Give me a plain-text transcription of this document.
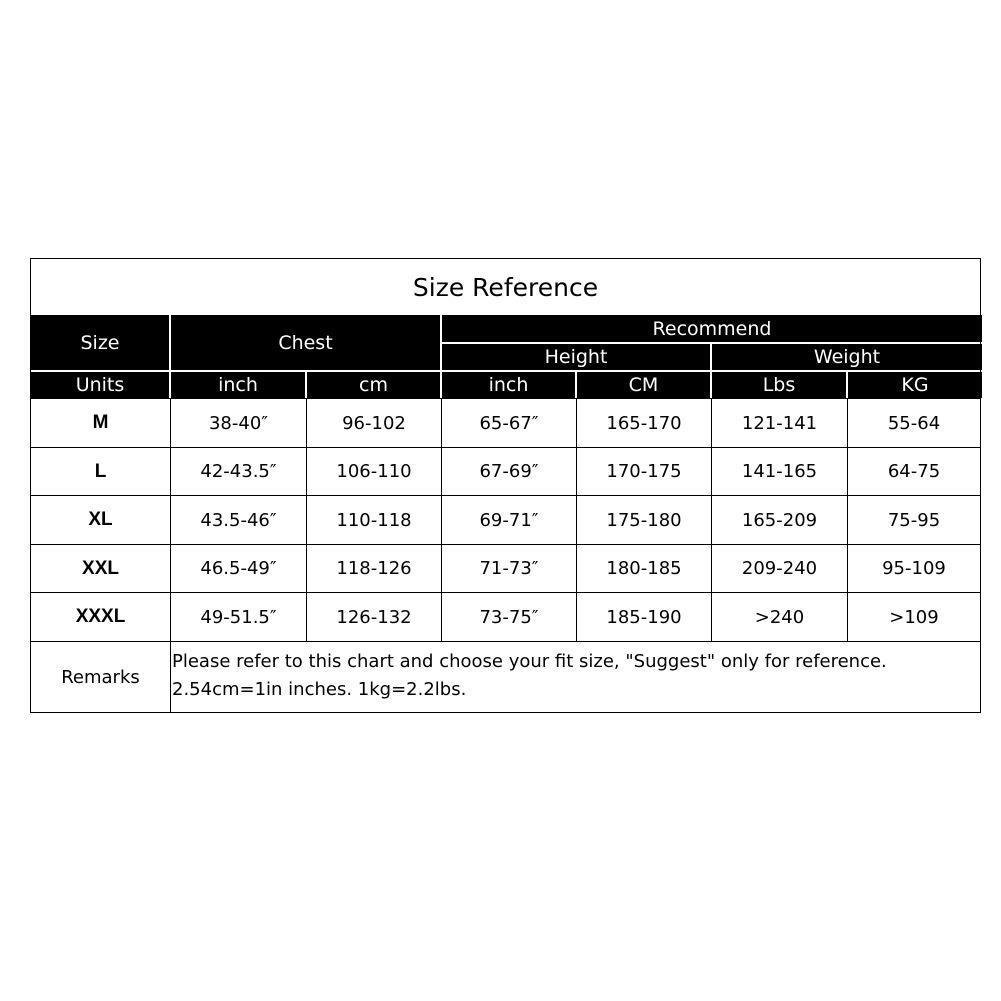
Size Reference
Size	Chest
Recommend
Height	Weight
Units	inch	cm	inch	CM	Lbs	KG
M	38-40″	96-102	65-67″	165-170	121-141	55-64
L	42-43.5″	106-110	67-69″	170-175	141-165	64-75
XL	43.5-46″	110-118	69-71″	175-180	165-209	75-95
XXL	46.5-49″	118-126	71-73″	180-185	209-240	95-109
XXXL	49-51.5″	126-132	73-75″	185-190	>240	>109
Remarks
Please refer to this chart and choose your fit size, "Suggest" only for reference.
2.54cm=1in inches. 1kg=2.2lbs.
